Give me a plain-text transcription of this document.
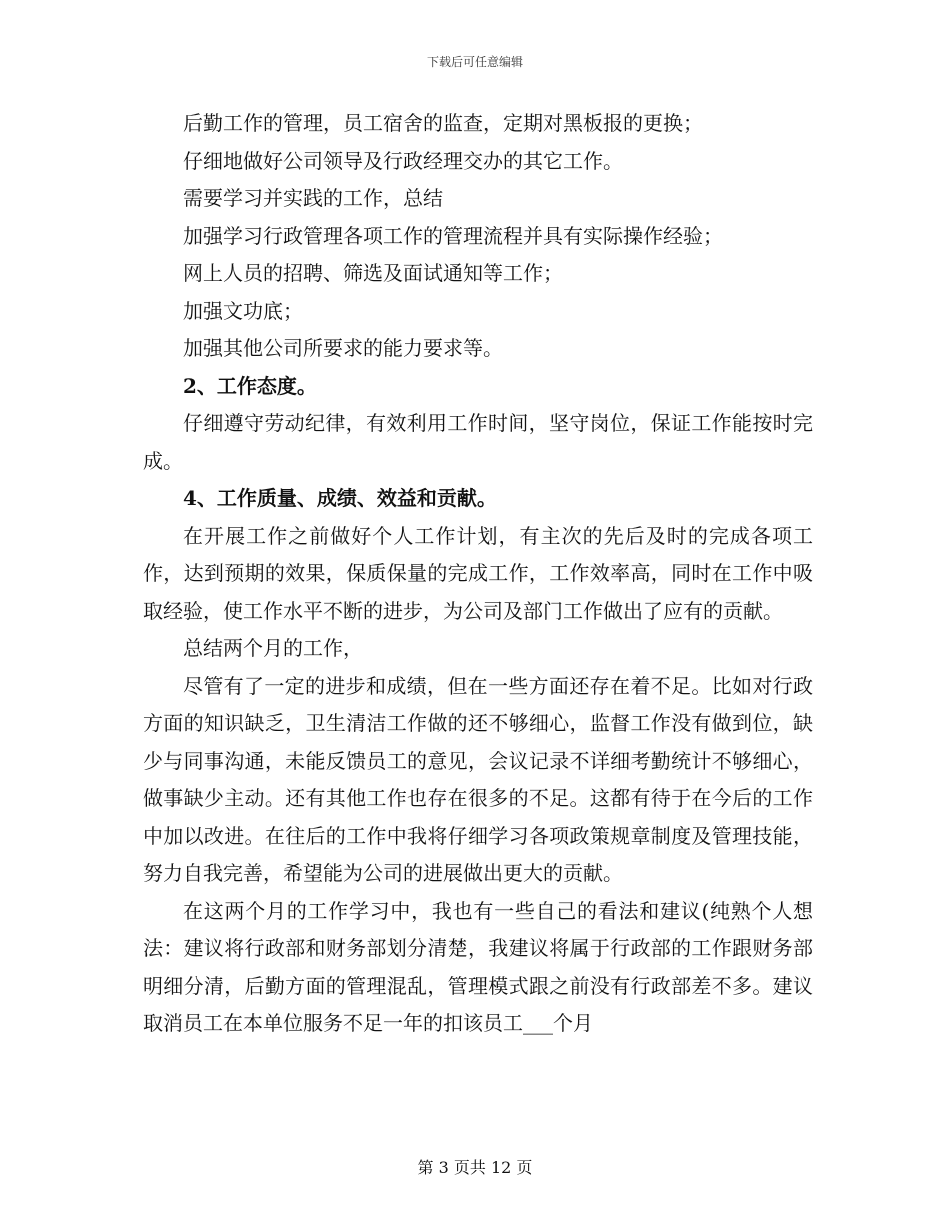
下载后可任意编辑

后勤工作的管理，员工宿舍的监查，定期对黑板报的更换；

仔细地做好公司领导及行政经理交办的其它工作。

需要学习并实践的工作，总结

加强学习行政管理各项工作的管理流程并具有实际操作经验；

网上人员的招聘、筛选及面试通知等工作；

加强文功底；

加强其他公司所要求的能力要求等。

2、工作态度。

仔细遵守劳动纪律，有效利用工作时间，坚守岗位，保证工作能按时完成。

4、工作质量、成绩、效益和贡献。

在开展工作之前做好个人工作计划，有主次的先后及时的完成各项工作，达到预期的效果，保质保量的完成工作，工作效率高，同时在工作中吸取经验，使工作水平不断的进步，为公司及部门工作做出了应有的贡献。

总结两个月的工作，

尽管有了一定的进步和成绩，但在一些方面还存在着不足。比如对行政方面的知识缺乏，卫生清洁工作做的还不够细心，监督工作没有做到位，缺少与同事沟通，未能反馈员工的意见，会议记录不详细考勤统计不够细心，做事缺少主动。还有其他工作也存在很多的不足。这都有待于在今后的工作中加以改进。在往后的工作中我将仔细学习各项政策规章制度及管理技能，努力自我完善，希望能为公司的进展做出更大的贡献。

在这两个月的工作学习中，我也有一些自己的看法和建议(纯熟个人想法：建议将行政部和财务部划分清楚，我建议将属于行政部的工作跟财务部明细分清，后勤方面的管理混乱，管理模式跟之前没有行政部差不多。建议取消员工在本单位服务不足一年的扣该员工___个月

第 3 页共 12 页
